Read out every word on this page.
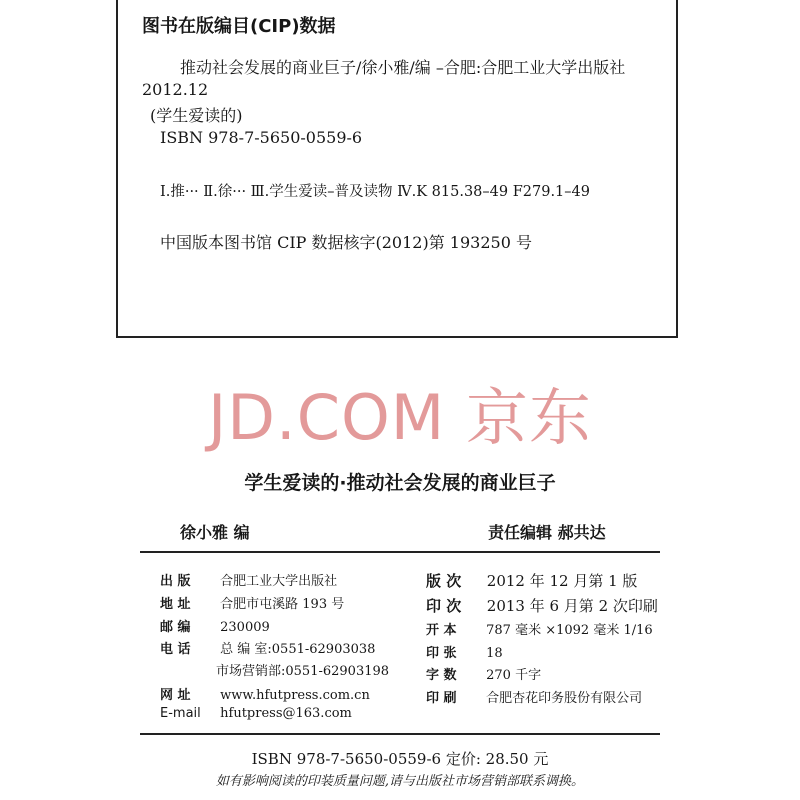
图书在版编目(CIP)数据
推动社会发展的商业巨子/徐小雅/编 –合肥:合肥工业大学出版社
2012.12
(学生爱读的)
ISBN 978-7-5650-0559-6
Ⅰ.推··· Ⅱ.徐··· Ⅲ.学生爱读–普及读物 Ⅳ.K 815.38–49 F279.1–49
中国版本图书馆 CIP 数据核字(2012)第 193250 号
JD.COM 京东
学生爱读的·推动社会发展的商业巨子
徐小雅 编	责任编辑 郝共达
出 版 合肥工业大学出版社
地 址 合肥市屯溪路 193 号
邮 编 230009
电 话 总 编 室:0551-62903038
市场营销部:0551-62903198
网 址 www.hfutpress.com.cn
E-mail hfutpress@163.com
版 次 2012 年 12 月第 1 版
印 次 2013 年 6 月第 2 次印刷
开 本 787 毫米 ×1092 毫米 1/16
印 张 18
字 数 270 千字
印 刷 合肥杏花印务股份有限公司
ISBN 978-7-5650-0559-6 定价: 28.50 元
如有影响阅读的印装质量问题,请与出版社市场营销部联系调换。
